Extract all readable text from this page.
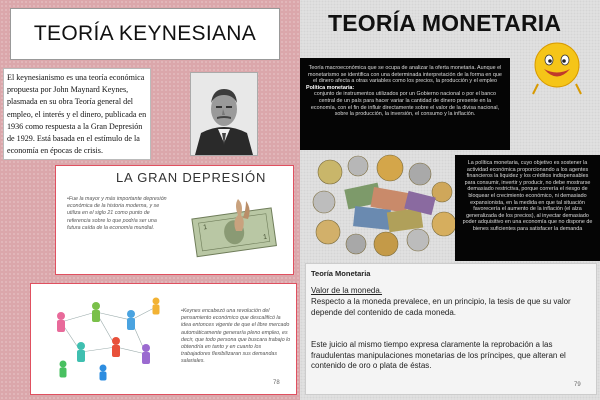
TEORÍA KEYNESIANA
El keynesianismo es una teoría económica propuesta por John Maynard Keynes, plasmada en su obra Teoría general del empleo, el interés y el dinero, publicada en 1936 como respuesta a la Gran Depresión de 1929. Está basada en el estímulo de la economía en épocas de crisis.
LA GRAN DEPRESIÓN
•Fue la mayor y más importante depresión económica de la historia moderna, y se utiliza en el siglo 21 como punto de referencia sobre lo que podría ser una futura caída de la economía mundial.	1
1
•Keynes encabezó una revolución del pensamiento económico que descalificó la idea entonces vigente de que el libre mercado automáticamente generaría pleno empleo, es decir, que todo persona que buscara trabajo lo obtendría en tanto y en cuanto los trabajadores flexibilizaran sus demandas salariales.
78
TEORÍA MONETARIA
Teoría macroeconómica que se ocupa de analizar la oferta monetaria. Aunque el monetarismo se identifica con una determinada interpretación de la forma en que el dinero afecta a otras variables como los precios, la producción y el empleo
Política monetaria:
conjunto de instrumentos utilizados por un Gobierno nacional o por el banco central de un país para hacer variar la cantidad de dinero presente en la economía, con el fin de influir directamente sobre el valor de la divisa nacional, sobre la producción, la inversión, el consumo y la inflación.
La política monetaria, cuyo objetivo es sostener la actividad económica proporcionando a los agentes financieros la liquidez y los créditos indispensables para consumir, invertir y producir, no debe mostrarse demasiado restrictiva, porque correría el riesgo de bloquear el crecimiento económico, ni demasiado expansionista, en la medida en que tal situación favorecería el aumento de la inflación (el alza generalizada de los precios), al inyectar demasiado poder adquisitivo en una economía que no dispone de bienes suficientes para satisfacer la demanda
Teoría Monetaria
Valor de la moneda.
Respecto a la moneda prevalece, en un principio, la tesis de que su valor depende del contenido de cada moneda.
Este juicio al mismo tiempo expresa claramente la reprobación a las fraudulentas manipulaciones monetarias de los príncipes, que alteran el contenido de oro o plata de éstas.
79
